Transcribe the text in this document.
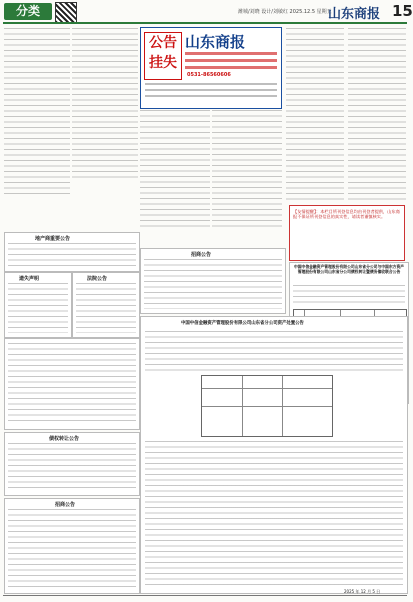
分类	潍城/刘晓 设计/刘敏红 2025.12.5 星期五
山东商报 15
公告挂失
山东商报
0531-86560606
【友情提醒】：本栏目所刊登信息均由刊登者提供，山东商报不保证所刊登信息的真实性，请读者谨慎核实。
地产商重要公告
招商公告
遗失声明	法院公告
中国中信金融资产管理股份有限公司山东省分公司与中国东方资产管理股份有限公司山东省分公司债权转让暨债务催收联合公告
债权转让公告
招商公告
中国中信金融资产管理股份有限公司山东省分公司资产处置公告
2025 年 12 月 5 日
